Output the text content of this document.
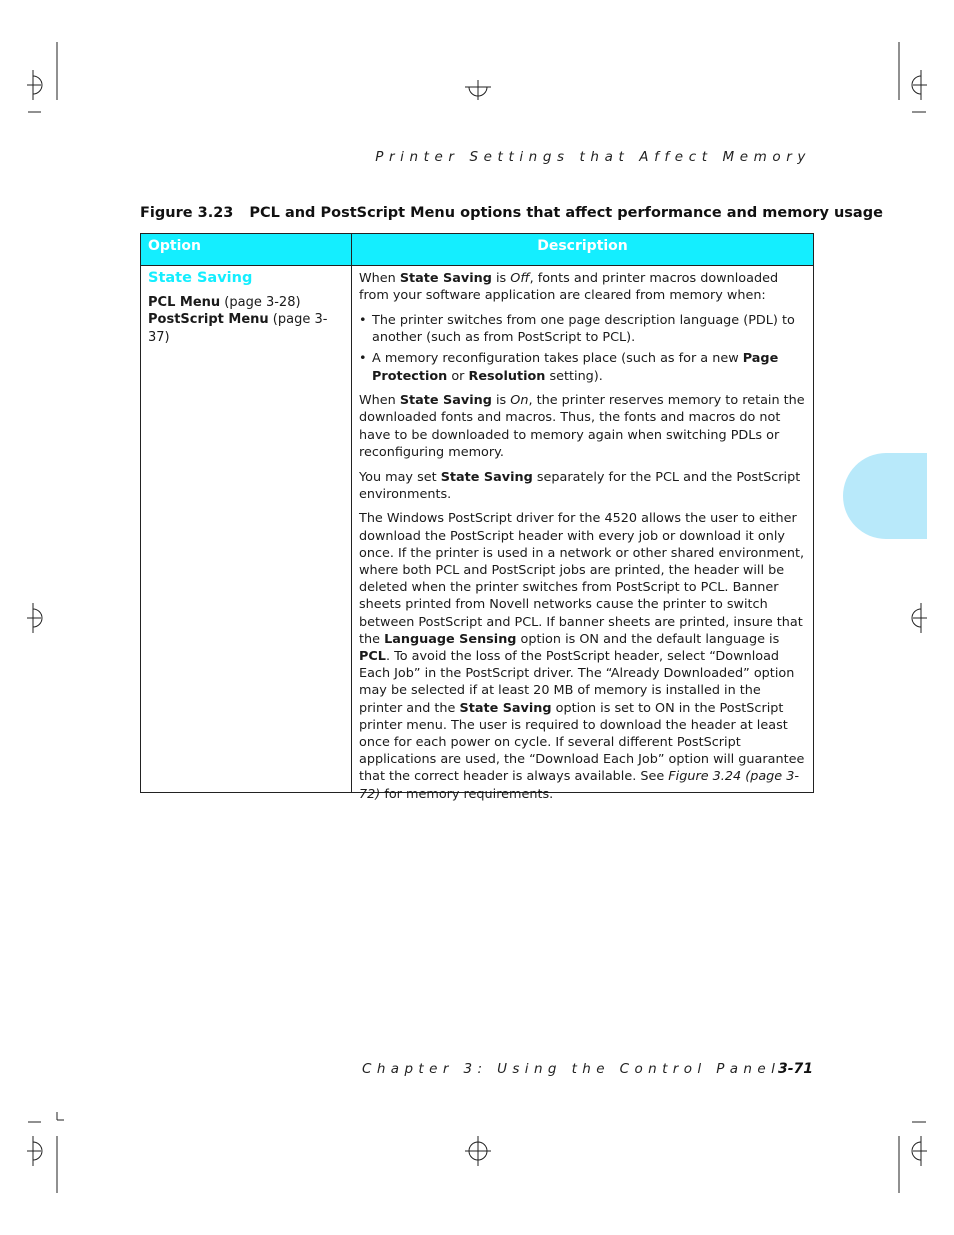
Printer Settings that Affect Memory
Figure 3.23 PCL and PostScript Menu options that affect performance and memory usage
Option	Description
State Saving
PCL Menu (page 3-28)
PostScript Menu (page 3-37)

When State Saving is Off, fonts and printer macros downloaded from your software application are cleared from memory when:

• The printer switches from one page description language (PDL) to another (such as from PostScript to PCL).
• A memory reconfiguration takes place (such as for a new Page Protection or Resolution setting).

When State Saving is On, the printer reserves memory to retain the downloaded fonts and macros. Thus, the fonts and macros do not have to be downloaded to memory again when switching PDLs or reconfiguring memory.

You may set State Saving separately for the PCL and the PostScript environments.

The Windows PostScript driver for the 4520 allows the user to either download the PostScript header with every job or download it only once. If the printer is used in a network or other shared environment, where both PCL and PostScript jobs are printed, the header will be deleted when the printer switches from PostScript to PCL. Banner sheets printed from Novell networks cause the printer to switch between PostScript and PCL. If banner sheets are printed, insure that the Language Sensing option is ON and the default language is PCL. To avoid the loss of the PostScript header, select “Download Each Job” in the PostScript driver. The “Already Downloaded” option may be selected if at least 20 MB of memory is installed in the printer and the State Saving option is set to ON in the PostScript printer menu. The user is required to download the header at least once for each power on cycle. If several different PostScript applications are used, the “Download Each Job” option will guarantee that the correct header is always available. See Figure 3.24 (page 3-72) for memory requirements.

Chapter 3: Using the Control Panel
3-71
